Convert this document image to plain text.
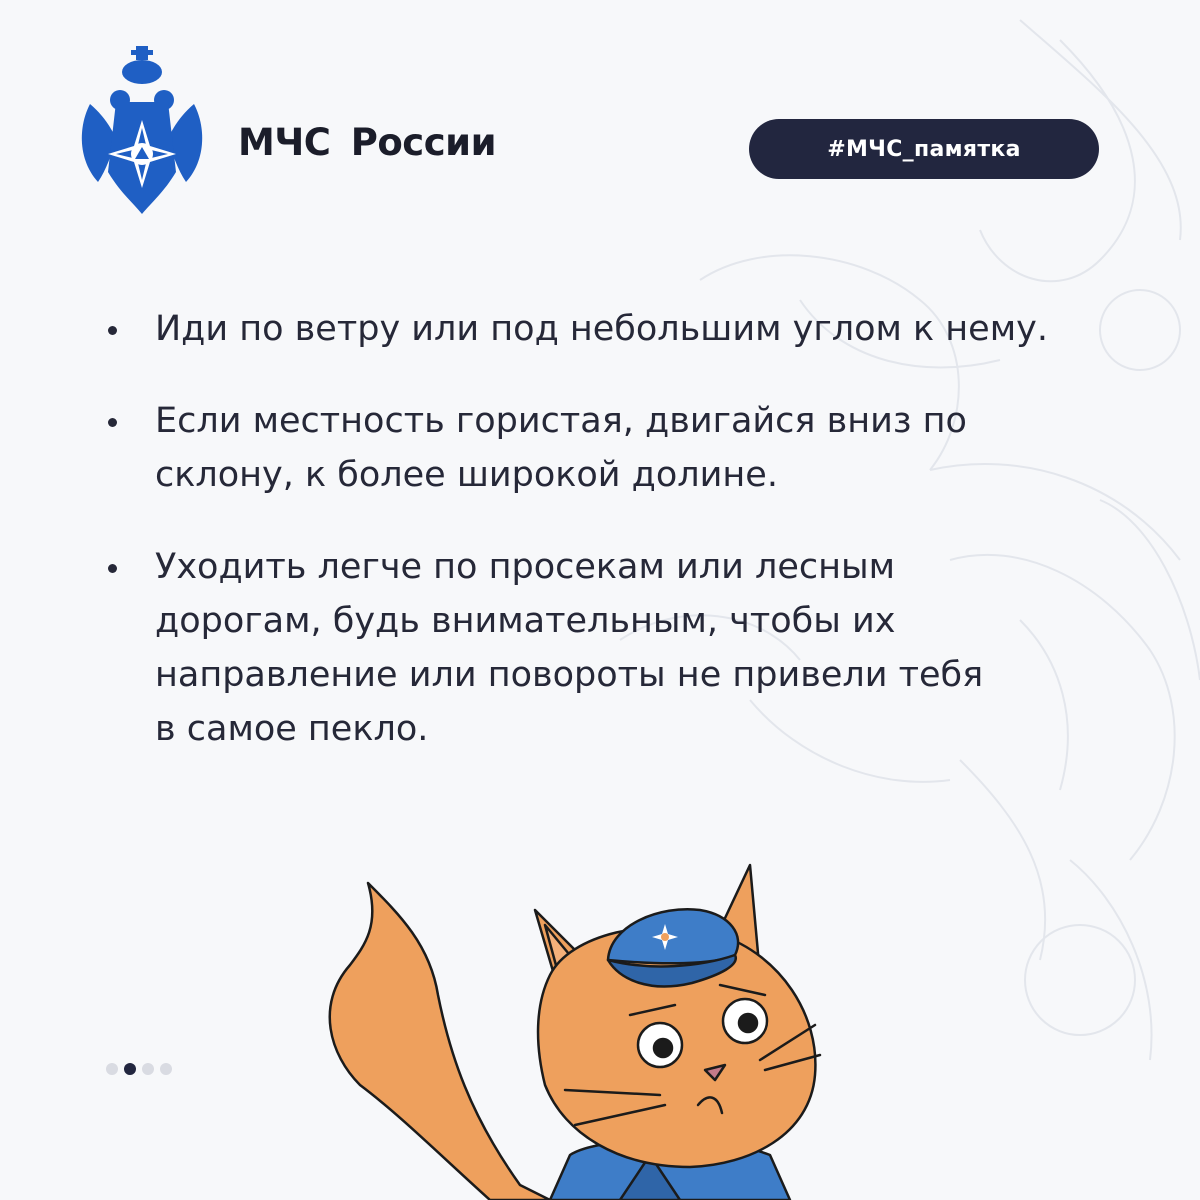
МЧС России	#МЧС_памятка
Иди по ветру или под небольшим углом к нему.
Если местность гористая, двигайся вниз по склону, к более широкой долине.
Уходить легче по просекам или лесным дорогам, будь внимательным, чтобы их направление или повороты не привели тебя в самое пекло.
